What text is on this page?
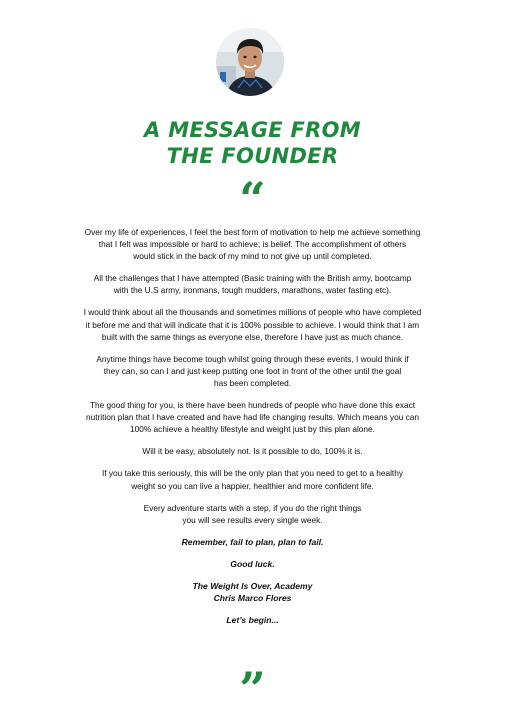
A MESSAGE FROM
THE FOUNDER
“

Over my life of experiences, I feel the best form of motivation to help me achieve something
that I felt was impossible or hard to achieve; is belief. The accomplishment of others
would stick in the back of my mind to not give up until completed.

All the challenges that I have attempted (Basic training with the British army, bootcamp
with the U.S army, ironmans, tough mudders, marathons, water fasting etc).

I would think about all the thousands and sometimes millions of people who have completed
it before me and that will indicate that it is 100% possible to achieve. I would think that I am
built with the same things as everyone else, therefore I have just as much chance.

Anytime things have become tough whilst going through these events, I would think if
they can, so can I and just keep putting one foot in front of the other until the goal
has been completed.

The good thing for you, is there have been hundreds of people who have done this exact
nutrition plan that I have created and have had life changing results. Which means you can
100% achieve a healthy lifestyle and weight just by this plan alone.

Will it be easy, absolutely not. Is it possible to do, 100% it is.

If you take this seriously, this will be the only plan that you need to get to a healthy
weight so you can live a happier, healthier and more confident life.

Every adventure starts with a step, if you do the right things
you will see results every single week.

Remember, fail to plan, plan to fail.

Good luck.

The Weight Is Over, Academy

Chris Marco Flores

Let’s begin...

”
